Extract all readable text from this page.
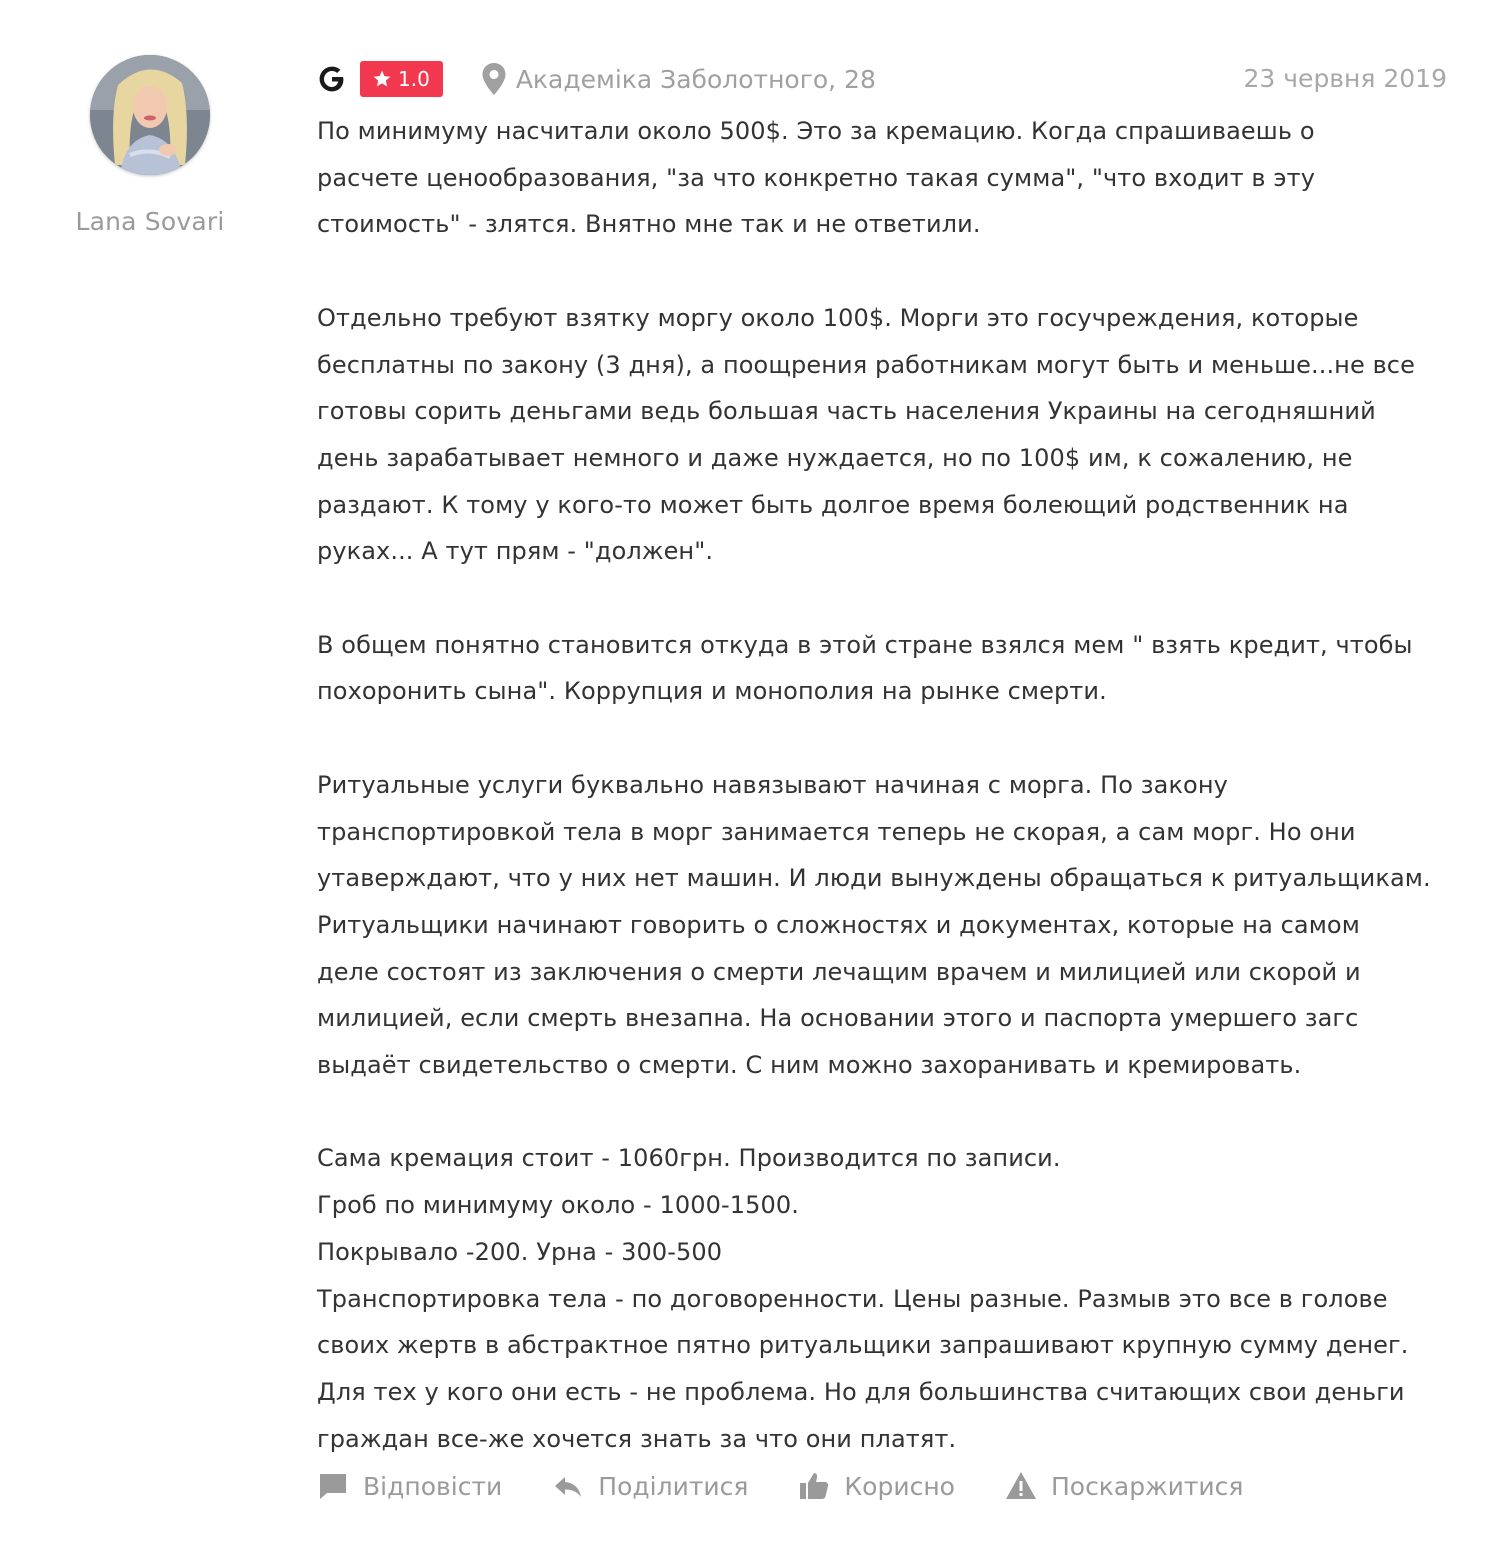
Lana Sovari
1.0	Академіка Заболотного, 28	23 червня 2019
По минимуму насчитали около 500$. Это за кремацию. Когда спрашиваешь о
расчете ценообразования, "за что конкретно такая сумма", "что входит в эту
стоимость" - злятся. Внятно мне так и не ответили.

Отдельно требуют взятку моргу около 100$. Морги это госучреждения, которые
бесплатны по закону (3 дня), а поощрения работникам могут быть и меньше...не все
готовы сорить деньгами ведь большая часть населения Украины на сегодняшний
день зарабатывает немного и даже нуждается, но по 100$ им, к сожалению, не
раздают. К тому у кого-то может быть долгое время болеющий родственник на
руках... А тут прям - "должен".

В общем понятно становится откуда в этой стране взялся мем " взять кредит, чтобы
похоронить сына". Коррупция и монополия на рынке смерти.

Ритуальные услуги буквально навязывают начиная с морга. По закону
транспортировкой тела в морг занимается теперь не скорая, а сам морг. Но они
утаверждают, что у них нет машин. И люди вынуждены обращаться к ритуальщикам.
Ритуальщики начинают говорить о сложностях и документах, которые на самом
деле состоят из заключения о смерти лечащим врачем и милицией или скорой и
милицией, если смерть внезапна. На основании этого и паспорта умершего загс
выдаёт свидетельство о смерти. С ним можно захоранивать и кремировать.

Сама кремация стоит - 1060грн. Производится по записи.
Гроб по минимуму около - 1000-1500.
Покрывало -200. Урна - 300-500
Транспортировка тела - по договоренности. Цены разные. Размыв это все в голове
своих жертв в абстрактное пятно ритуальщики запрашивают крупную сумму денег.
Для тех у кого они есть - не проблема. Но для большинства считающих свои деньги
граждан все-же хочется знать за что они платят.
Відповісти	Поділитися	Корисно	Поскаржитися
